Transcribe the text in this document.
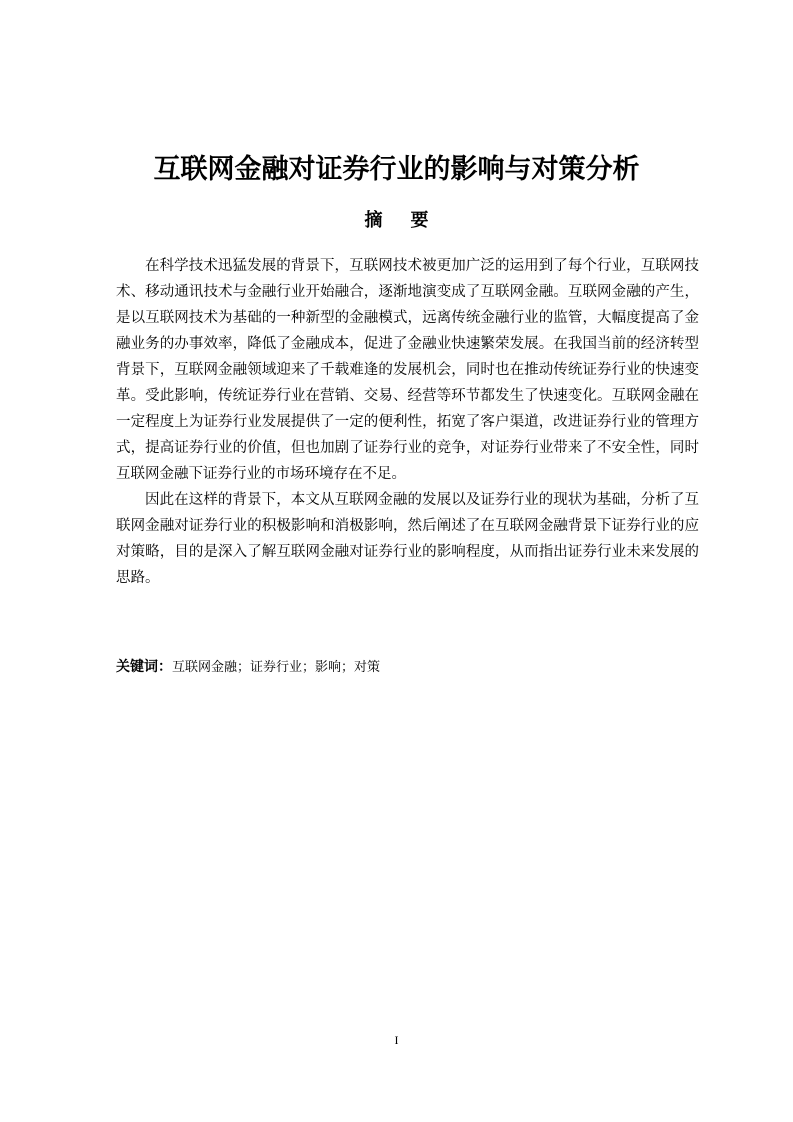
互联网金融对证券行业的影响与对策分析
摘要

在科学技术迅猛发展的背景下，互联网技术被更加广泛的运用到了每个行业，互联网技术、移动通讯技术与金融行业开始融合，逐渐地演变成了互联网金融。互联网金融的产生，是以互联网技术为基础的一种新型的金融模式，远离传统金融行业的监管，大幅度提高了金融业务的办事效率，降低了金融成本，促进了金融业快速繁荣发展。在我国当前的经济转型背景下，互联网金融领域迎来了千载难逢的发展机会，同时也在推动传统证券行业的快速变革。受此影响，传统证券行业在营销、交易、经营等环节都发生了快速变化。互联网金融在一定程度上为证券行业发展提供了一定的便利性，拓宽了客户渠道，改进证券行业的管理方式，提高证券行业的价值，但也加剧了证券行业的竞争，对证券行业带来了不安全性，同时互联网金融下证券行业的市场环境存在不足。

因此在这样的背景下，本文从互联网金融的发展以及证券行业的现状为基础，分析了互联网金融对证券行业的积极影响和消极影响，然后阐述了在互联网金融背景下证券行业的应对策略，目的是深入了解互联网金融对证券行业的影响程度，从而指出证券行业未来发展的思路。

关键词：互联网金融；证券行业；影响；对策

I
